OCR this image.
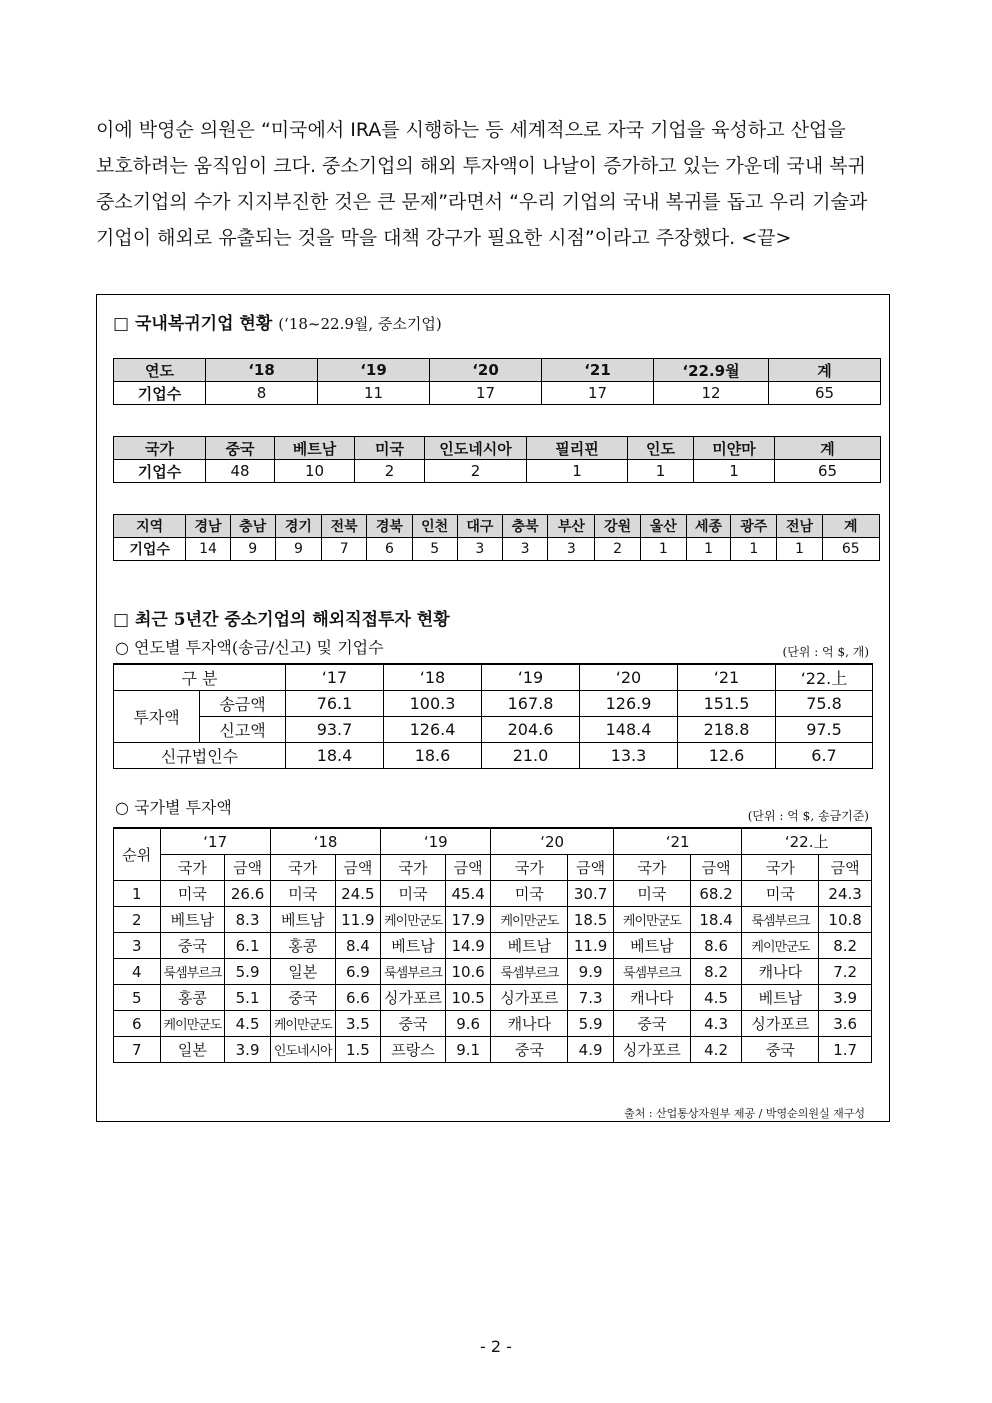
이에 박영순 의원은 “미국에서 IRA를 시행하는 등 세계적으로 자국 기업을 육성하고 산업을

보호하려는 움직임이 크다. 중소기업의 해외 투자액이 나날이 증가하고 있는 가운데 국내 복귀

중소기업의 수가 지지부진한 것은 큰 문제”라면서 “우리 기업의 국내 복귀를 돕고 우리 기술과

기업이 해외로 유출되는 것을 막을 대책 강구가 필요한 시점”이라고 주장했다. <끝>

□ 국내복귀기업 현황 (‘18~22.9월, 중소기업)
연도	‘18	‘19	‘20	‘21	‘22.9월	계
기업수	8	11	17	17	12	65
국가	중국	베트남	미국	인도네시아	필리핀	인도	미얀마	계
기업수	48	10	2	2	1	1	1	65
지역	경남	충남	경기	전북	경북	인천	대구	충북	부산	강원	울산	세종	광주	전남	계
기업수	14	9	9	7	6	5	3	3	3	2	1	1	1	1	65
□ 최근 5년간 중소기업의 해외직접투자 현황
○ 연도별 투자액(송금/신고) 및 기업수	(단위 : 억 $, 개)
구 분		‘17	‘18	‘19	‘20	‘21	‘22.上
투자액	송금액	76.1	100.3	167.8	126.9	151.5	75.8
	신고액	93.7	126.4	204.6	148.4	218.8	97.5
신규법인수		18.4	18.6	21.0	13.3	12.6	6.7
○ 국가별 투자액	(단위 : 억 $, 송금기준)
순위	‘17		‘18		‘19		‘20		‘21		‘22.上	
	국가	금액	국가	금액	국가	금액	국가	금액	국가	금액	국가	금액
1	미국	26.6	미국	24.5	미국	45.4	미국	30.7	미국	68.2	미국	24.3
2	베트남	8.3	베트남	11.9	케이만군도	17.9	케이만군도	18.5	케이만군도	18.4	룩셈부르크	10.8
3	중국	6.1	홍콩	8.4	베트남	14.9	베트남	11.9	베트남	8.6	케이만군도	8.2
4	룩셈부르크	5.9	일본	6.9	룩셈부르크	10.6	룩셈부르크	9.9	룩셈부르크	8.2	캐나다	7.2
5	홍콩	5.1	중국	6.6	싱가포르	10.5	싱가포르	7.3	캐나다	4.5	베트남	3.9
6	케이만군도	4.5	케이만군도	3.5	중국	9.6	캐나다	5.9	중국	4.3	싱가포르	3.6
7	일본	3.9	인도네시아	1.5	프랑스	9.1	중국	4.9	싱가포르	4.2	중국	1.7
출처 : 산업통상자원부 제공 / 박영순의원실 재구성
- 2 -
